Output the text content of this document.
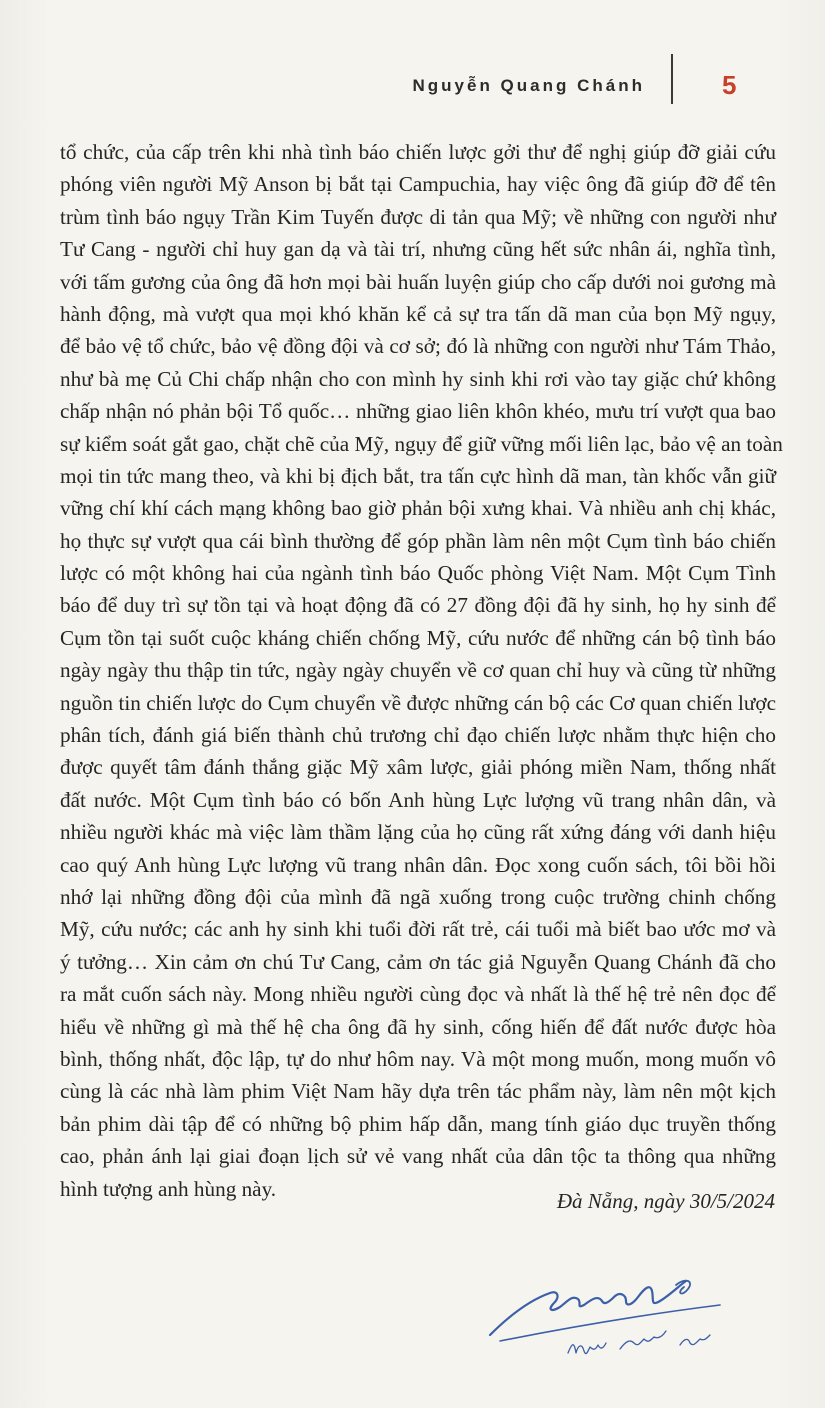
Nguyễn Quang Chánh	5
tổ chức, của cấp trên khi nhà tình báo chiến lược gởi thư để nghị giúp đỡ giải cứu
phóng viên người Mỹ Anson bị bắt tại Campuchia, hay việc ông đã giúp đỡ để tên
trùm tình báo ngụy Trần Kim Tuyến được di tản qua Mỹ; về những con người như
Tư Cang - người chỉ huy gan dạ và tài trí, nhưng cũng hết sức nhân ái, nghĩa tình,
với tấm gương của ông đã hơn mọi bài huấn luyện giúp cho cấp dưới noi gương mà
hành động, mà vượt qua mọi khó khăn kể cả sự tra tấn dã man của bọn Mỹ ngụy,
để bảo vệ tổ chức, bảo vệ đồng đội và cơ sở; đó là những con người như Tám Thảo,
như bà mẹ Củ Chi chấp nhận cho con mình hy sinh khi rơi vào tay giặc chứ không
chấp nhận nó phản bội Tổ quốc… những giao liên khôn khéo, mưu trí vượt qua bao
sự kiểm soát gắt gao, chặt chẽ của Mỹ, ngụy để giữ vững mối liên lạc, bảo vệ an toàn
mọi tin tức mang theo, và khi bị địch bắt, tra tấn cực hình dã man, tàn khốc vẫn giữ
vững chí khí cách mạng không bao giờ phản bội xưng khai. Và nhiều anh chị khác,
họ thực sự vượt qua cái bình thường để góp phần làm nên một Cụm tình báo chiến
lược có một không hai của ngành tình báo Quốc phòng Việt Nam. Một Cụm Tình
báo để duy trì sự tồn tại và hoạt động đã có 27 đồng đội đã hy sinh, họ hy sinh để
Cụm tồn tại suốt cuộc kháng chiến chống Mỹ, cứu nước để những cán bộ tình báo
ngày ngày thu thập tin tức, ngày ngày chuyển về cơ quan chỉ huy và cũng từ những
nguồn tin chiến lược do Cụm chuyển về được những cán bộ các Cơ quan chiến lược
phân tích, đánh giá biến thành chủ trương chỉ đạo chiến lược nhằm thực hiện cho
được quyết tâm đánh thắng giặc Mỹ xâm lược, giải phóng miền Nam, thống nhất
đất nước. Một Cụm tình báo có bốn Anh hùng Lực lượng vũ trang nhân dân, và
nhiều người khác mà việc làm thầm lặng của họ cũng rất xứng đáng với danh hiệu
cao quý Anh hùng Lực lượng vũ trang nhân dân. Đọc xong cuốn sách, tôi bồi hồi
nhớ lại những đồng đội của mình đã ngã xuống trong cuộc trường chinh chống
Mỹ, cứu nước; các anh hy sinh khi tuổi đời rất trẻ, cái tuổi mà biết bao ước mơ và
ý tưởng… Xin cảm ơn chú Tư Cang, cảm ơn tác giả Nguyễn Quang Chánh đã cho
ra mắt cuốn sách này. Mong nhiều người cùng đọc và nhất là thế hệ trẻ nên đọc để
hiểu về những gì mà thế hệ cha ông đã hy sinh, cống hiến để đất nước được hòa
bình, thống nhất, độc lập, tự do như hôm nay. Và một mong muốn, mong muốn vô
cùng là các nhà làm phim Việt Nam hãy dựa trên tác phẩm này, làm nên một kịch
bản phim dài tập để có những bộ phim hấp dẫn, mang tính giáo dục truyền thống
cao, phản ánh lại giai đoạn lịch sử vẻ vang nhất của dân tộc ta thông qua những
hình tượng anh hùng này.
Đà Nẵng, ngày 30/5/2024
